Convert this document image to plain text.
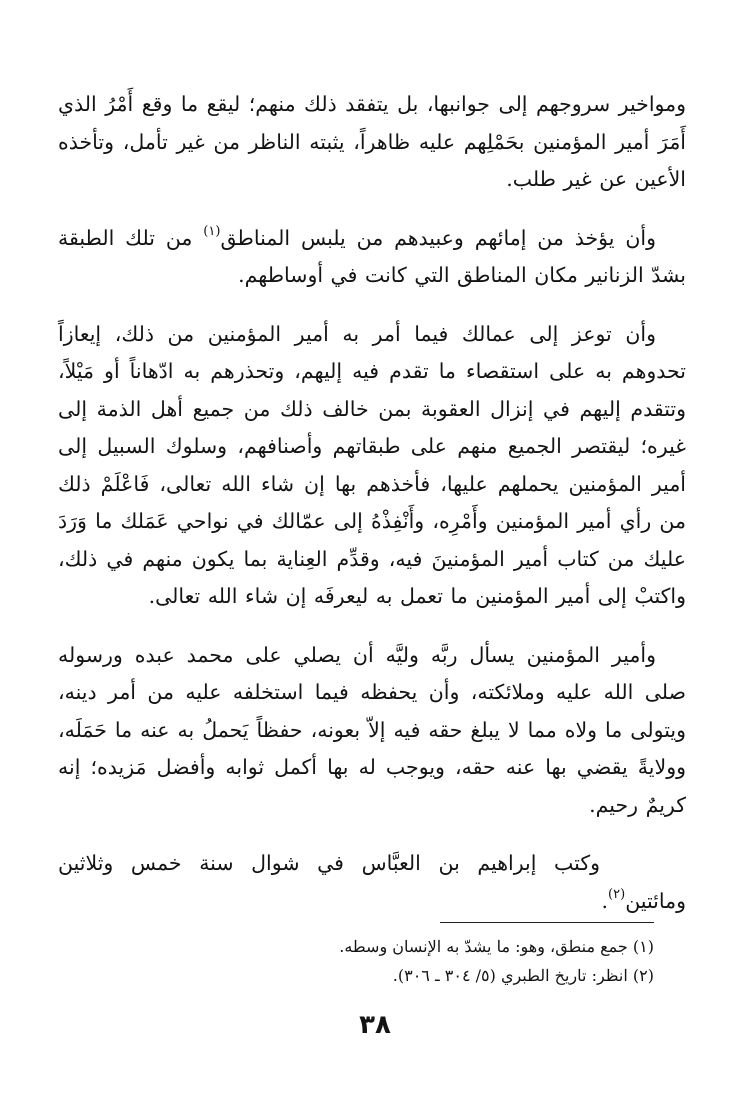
ومواخير سروجهم إلى جوانبها، بل يتفقد ذلك منهم؛ ليقع ما وقع أَمْرُ الذي أَمَرَ أمير المؤمنين بحَمْلِهم عليه ظاهراً، يثبته الناظر من غير تأمل، وتأخذه الأعين عن غير طلب.

وأن يؤخذ من إمائهم وعبيدهم من يلبس المناطق$^{(١)}$ من تلك الطبقة بشدّ الزنانير مكان المناطق التي كانت في أوساطهم.

وأن توعز إلى عمالك فيما أمر به أمير المؤمنين من ذلك، إيعازاً تحدوهم به على استقصاء ما تقدم فيه إليهم، وتحذرهم به ادّهاناً أو مَيْلاً، وتتقدم إليهم في إنزال العقوبة بمن خالف ذلك من جميع أهل الذمة إلى غيره؛ ليقتصر الجميع منهم على طبقاتهم وأصنافهم، وسلوك السبيل إلى أمير المؤمنين يحملهم عليها، فأخذهم بها إن شاء الله تعالى، فَاعْلَمْ ذلك من رأي أمير المؤمنين وأَمْرِه، وأَنْفِذْهُ إلى عمّالك في نواحي عَمَلك ما وَرَدَ عليك من كتاب أمير المؤمنينَ فيه، وقدِّم العِناية بما يكون منهم في ذلك، واكتبْ إلى أمير المؤمنين ما تعمل به ليعرفَه إن شاء الله تعالى.

وأمير المؤمنين يسأل ربَّه وليَّه أن يصلي على محمد عبده ورسوله صلى الله عليه وملائكته، وأن يحفظه فيما استخلفه عليه من أمر دينه، ويتولى ما ولاه مما لا يبلغ حقه فيه إلاّ بعونه، حفظاً يَحملُ به عنه ما حَمَلَه، وولايةً يقضي بها عنه حقه، ويوجب له بها أكمل ثوابه وأفضل مَزيده؛ إنه كريمٌ رحيم.

وكتب إبراهيم بن العبَّاس في شوال سنة خمس وثلاثين ومائتين$^{(٢)}$.

(١) جمع منطق، وهو: ما يشدّ به الإنسان وسطه.

(٢) انظر: تاريخ الطبري (٥/ ٣٠٤ ـ ٣٠٦).

٣٨
